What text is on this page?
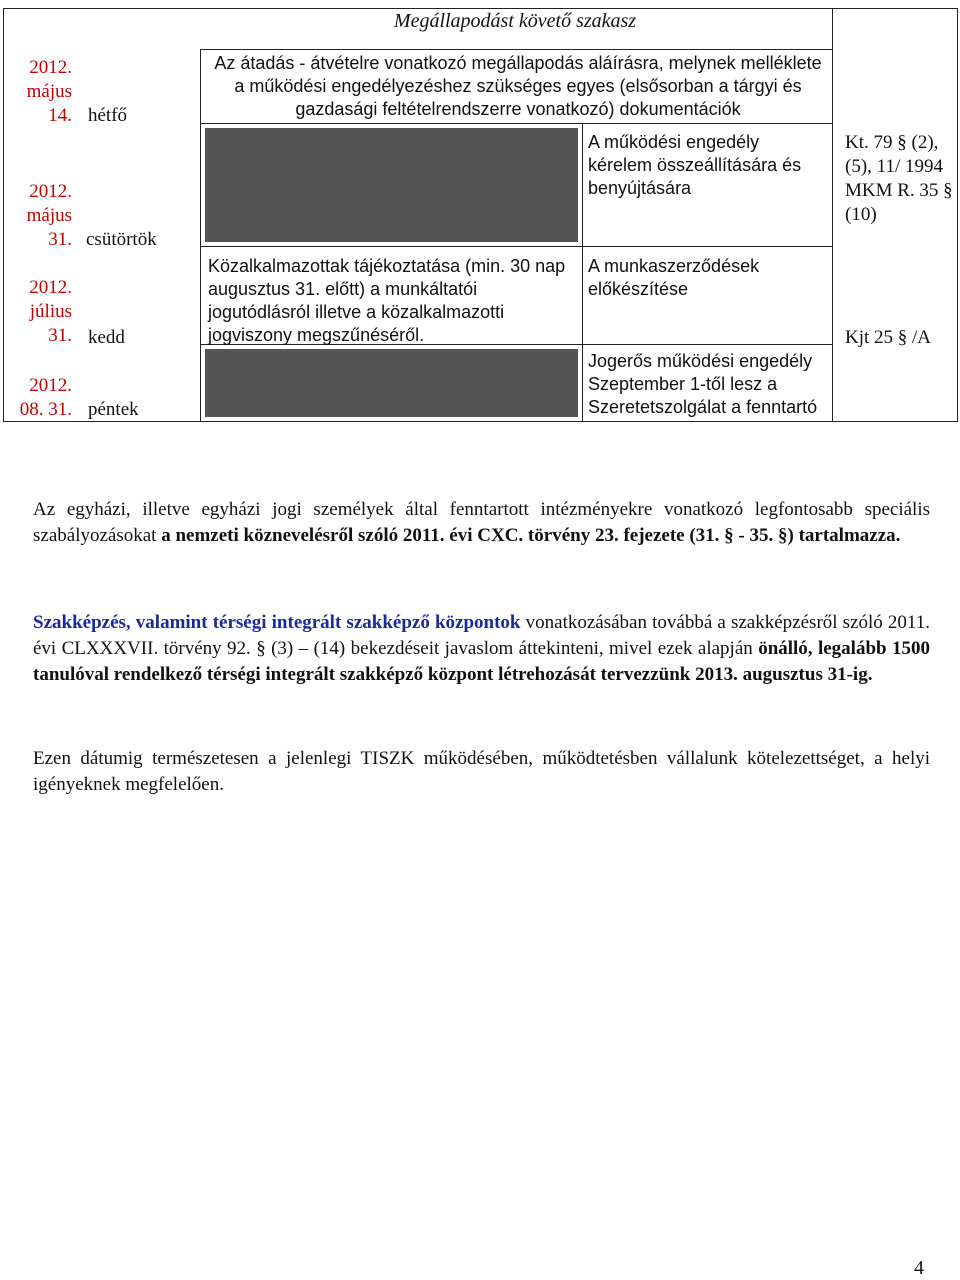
Megállapodást követő szakasz
2012.
május
14. hétfő
Az átadás - átvételre vonatkozó megállapodás aláírásra, melynek melléklete a működési engedélyezéshez szükséges egyes (elsősorban a tárgyi és gazdasági feltételrendszerre vonatkozó) dokumentációk
2012.
május
31. csütörtök
A működési engedély kérelem összeállítására és benyújtására
Kt. 79 § (2), (5), 11/ 1994 MKM R. 35 § (10)
2012.
július
31. kedd
Közalkalmazottak tájékoztatása (min. 30 nap augusztus 31. előtt) a munkáltatói jogutódlásról illetve a közalkalmazotti jogviszony megszűnéséről.
A munkaszerződések előkészítése
Kjt 25 § /A
2012.
08. 31. péntek
Jogerős működési engedély Szeptember 1-től lesz a Szeretetszolgálat a fenntartó
Az egyházi, illetve egyházi jogi személyek által fenntartott intézményekre vonatkozó legfontosabb speciális szabályozásokat a nemzeti köznevelésről szóló 2011. évi CXC. törvény 23. fejezete (31. § - 35. §) tartalmazza.
Szakképzés, valamint térségi integrált szakképző központok vonatkozásában továbbá a szakképzésről szóló 2011. évi CLXXXVII. törvény 92. § (3) – (14) bekezdéseit javaslom áttekinteni, mivel ezek alapján önálló, legalább 1500 tanulóval rendelkező térségi integrált szakképző központ létrehozását tervezzünk 2013. augusztus 31-ig.
Ezen dátumig természetesen a jelenlegi TISZK működésében, működtetésben vállalunk kötelezettséget, a helyi igényeknek megfelelően.
4
